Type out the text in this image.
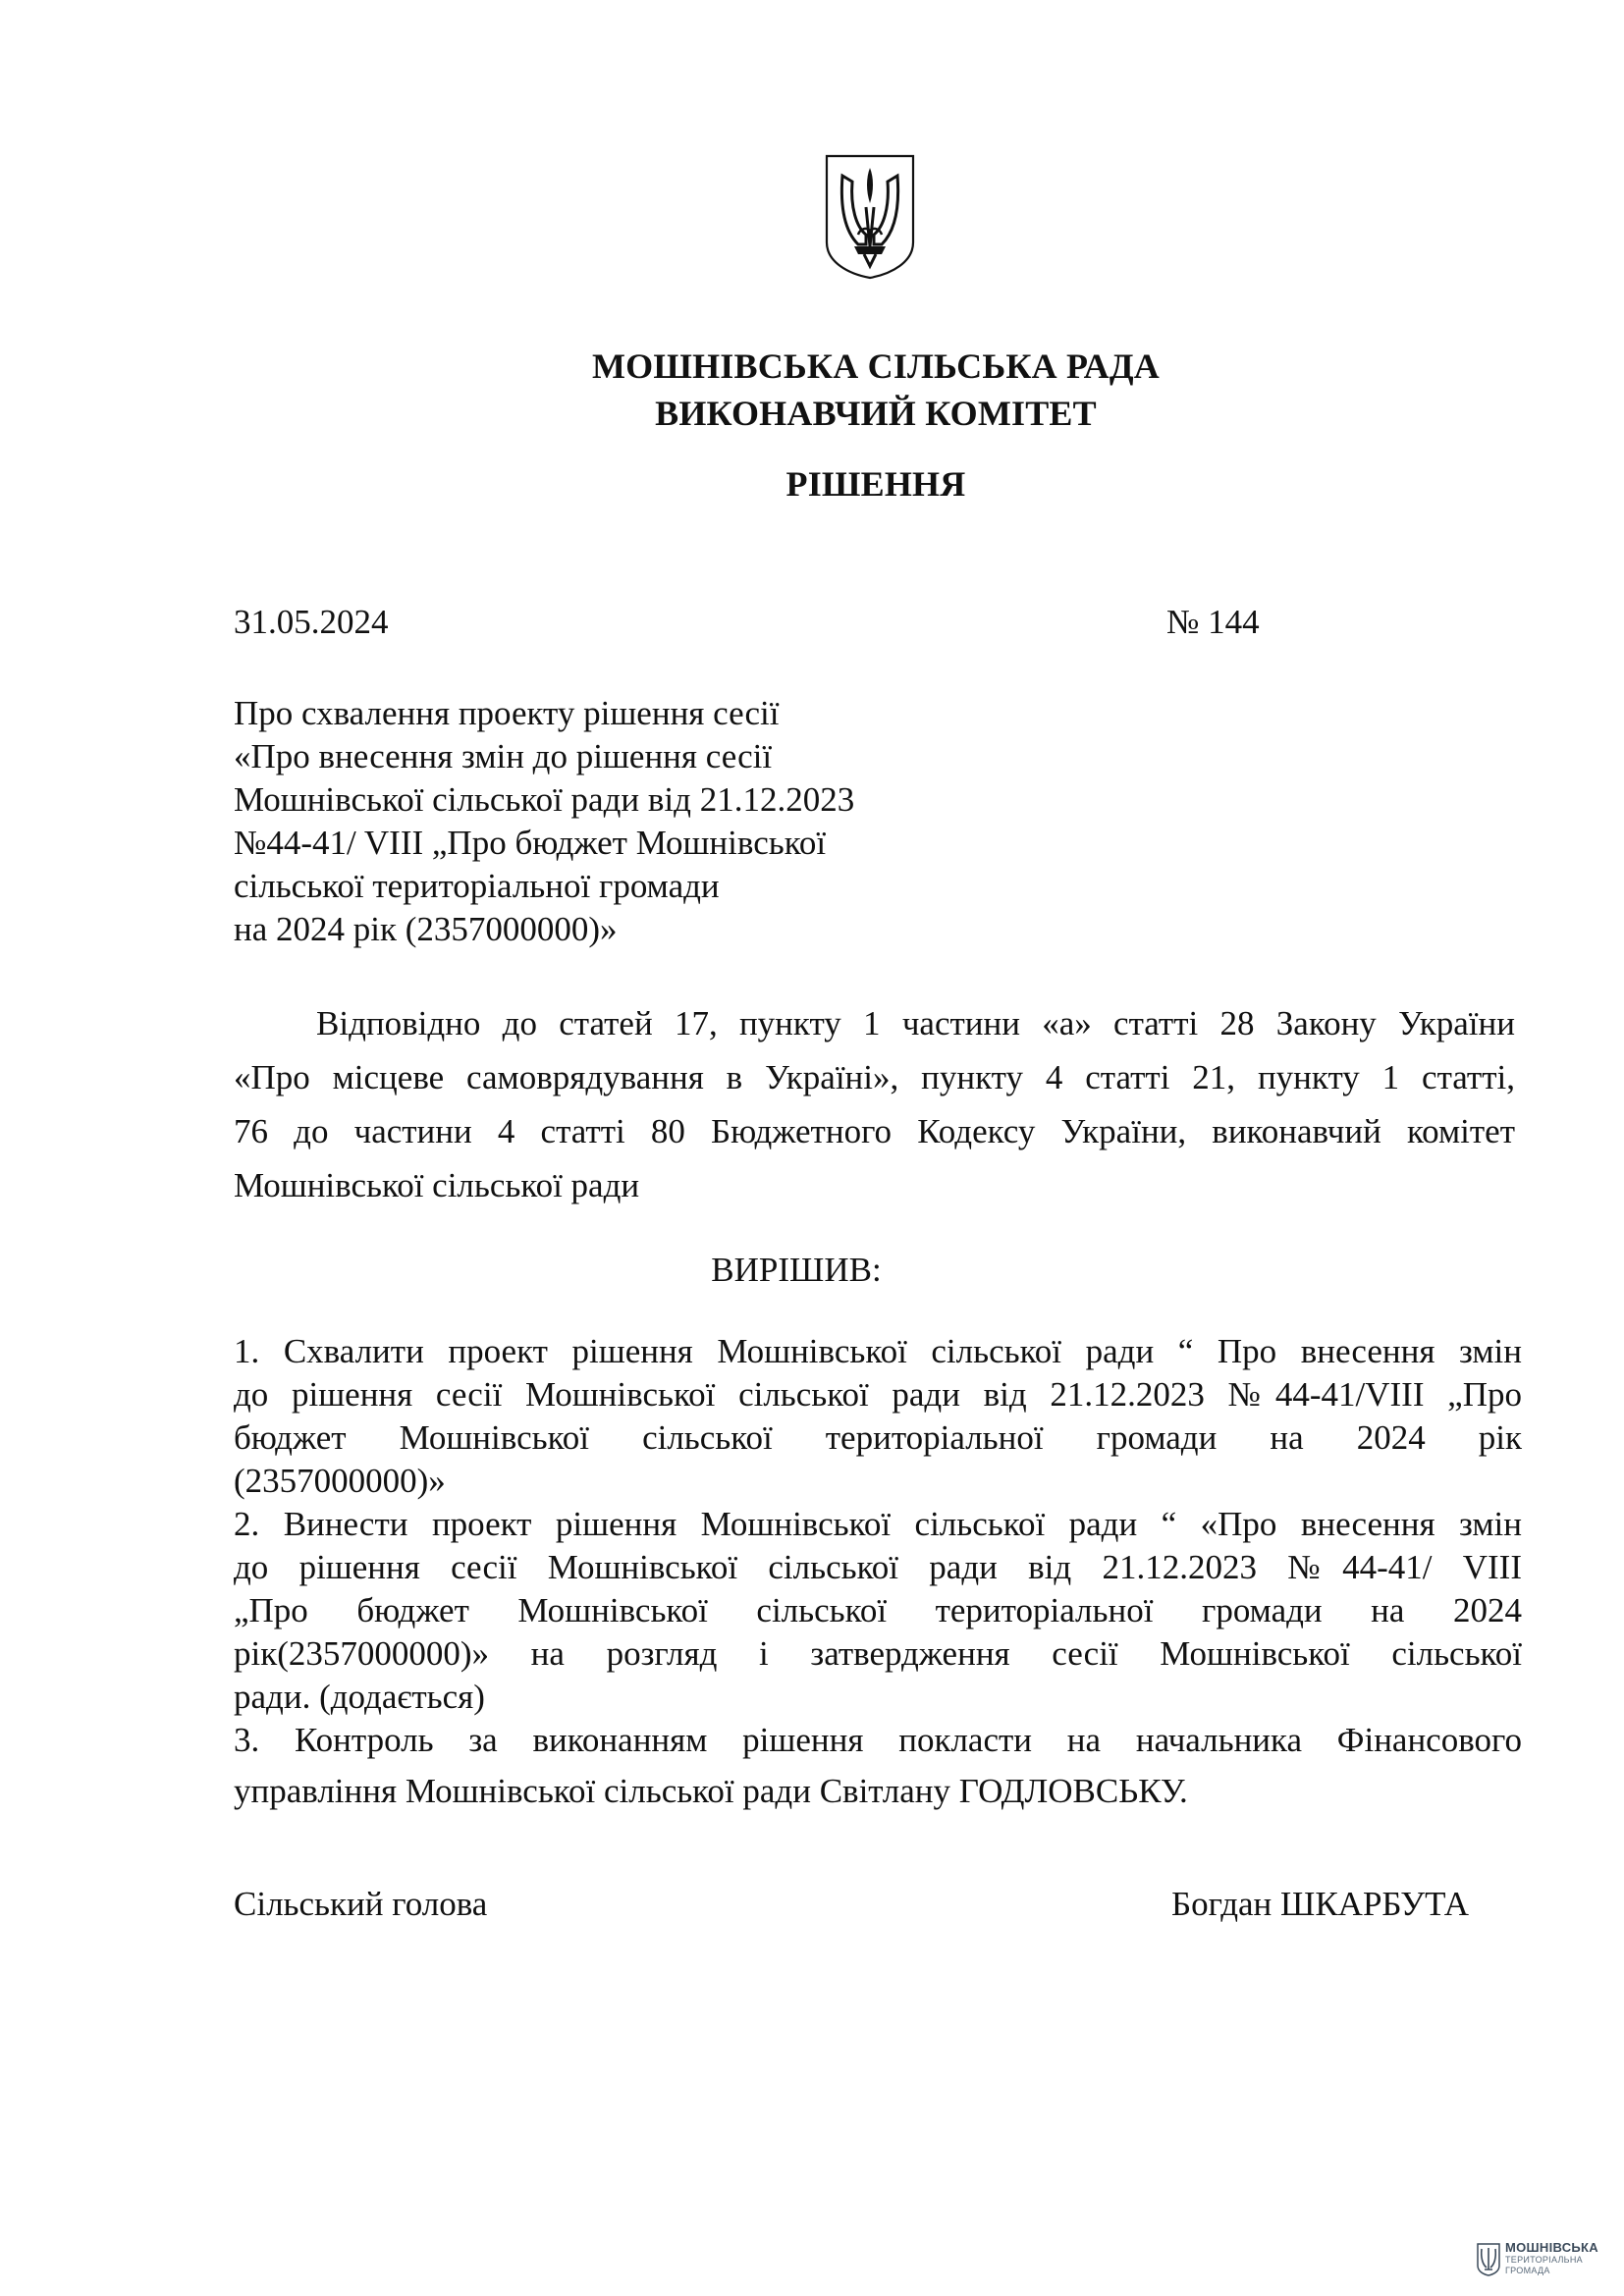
МОШНІВСЬКА СІЛЬСЬКА РАДА
ВИКОНАВЧИЙ КОМІТЕТ
РІШЕННЯ
31.05.2024	№ 144
Про схвалення проекту рішення сесії
«Про внесення змін до рішення сесії
Мошнівської сільської ради від 21.12.2023
№44-41/ VIII „Про бюджет Мошнівської
сільської територіальної громади
на 2024 рік (2357000000)»
Відповідно до статей 17, пункту 1 частини «а» статті 28 Закону України
«Про місцеве самоврядування в Україні», пункту 4 статті 21, пункту 1 статті,
76 до частини 4 статті 80 Бюджетного Кодексу України, виконавчий комітет
Мошнівської сільської ради
ВИРІШИВ:
1. Схвалити проект рішення Мошнівської сільської ради “ Про внесення змін
до рішення сесії Мошнівської сільської ради від 21.12.2023 №44-41/VIII „Про
бюджет Мошнівської сільської територіальної громади на 2024 рік
(2357000000)»
2. Винести проект рішення Мошнівської сільської ради “ «Про внесення змін
до рішення сесії Мошнівської сільської ради від 21.12.2023 №44-41/ VIII
„Про бюджет Мошнівської сільської територіальної громади на 2024
рік(2357000000)» на розгляд і затвердження сесії Мошнівської сільської
ради. (додається)
3. Контроль за виконанням рішення покласти на начальника Фінансового
управління Мошнівської сільської ради Світлану ГОДЛОВСЬКУ.
Сільський голова	Богдан ШКАРБУТА
МОШНІВСЬКА
ТЕРИТОРІАЛЬНА
ГРОМАДА
